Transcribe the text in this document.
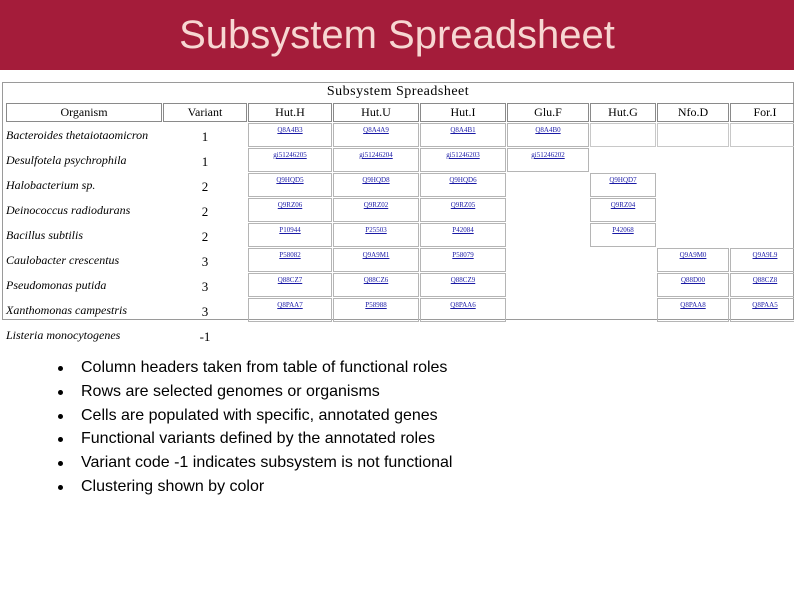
Subsystem Spreadsheet
Subsystem Spreadsheet
Organism	Variant	Hut.H	Hut.U	Hut.I	Glu.F	Hut.G	Nfo.D	For.I
Bacteroides thetaiotaomicron	1	Q8A4B3	Q8A4A9	Q8A4B1	Q8A4B0			
Desulfotela psychrophila	1	gi51246205	gi51246204	gi51246203	gi51246202			
Halobacterium sp.	2	Q9HQD5	Q9HQD8	Q9HQD6		Q9HQD7		
Deinococcus radiodurans	2	Q9RZ06	Q9RZ02	Q9RZ05		Q9RZ04		
Bacillus subtilis	2	P10944	P25503	P42084		P42068		
Caulobacter crescentus	3	P58082	Q9A9M1	P58079			Q9A9M0	Q9A9L9
Pseudomonas putida	3	Q88CZ7	Q88CZ6	Q88CZ9			Q88D00	Q88CZ8
Xanthomonas campestris	3	Q8PAA7	P58988	Q8PAA6			Q8PAA8	Q8PAA5
Listeria monocytogenes	-1							
Column headers taken from table of functional roles
Rows are selected genomes or organisms
Cells are populated with specific, annotated genes
Functional variants defined by the annotated roles
Variant code -1 indicates subsystem is not functional
Clustering shown by color
